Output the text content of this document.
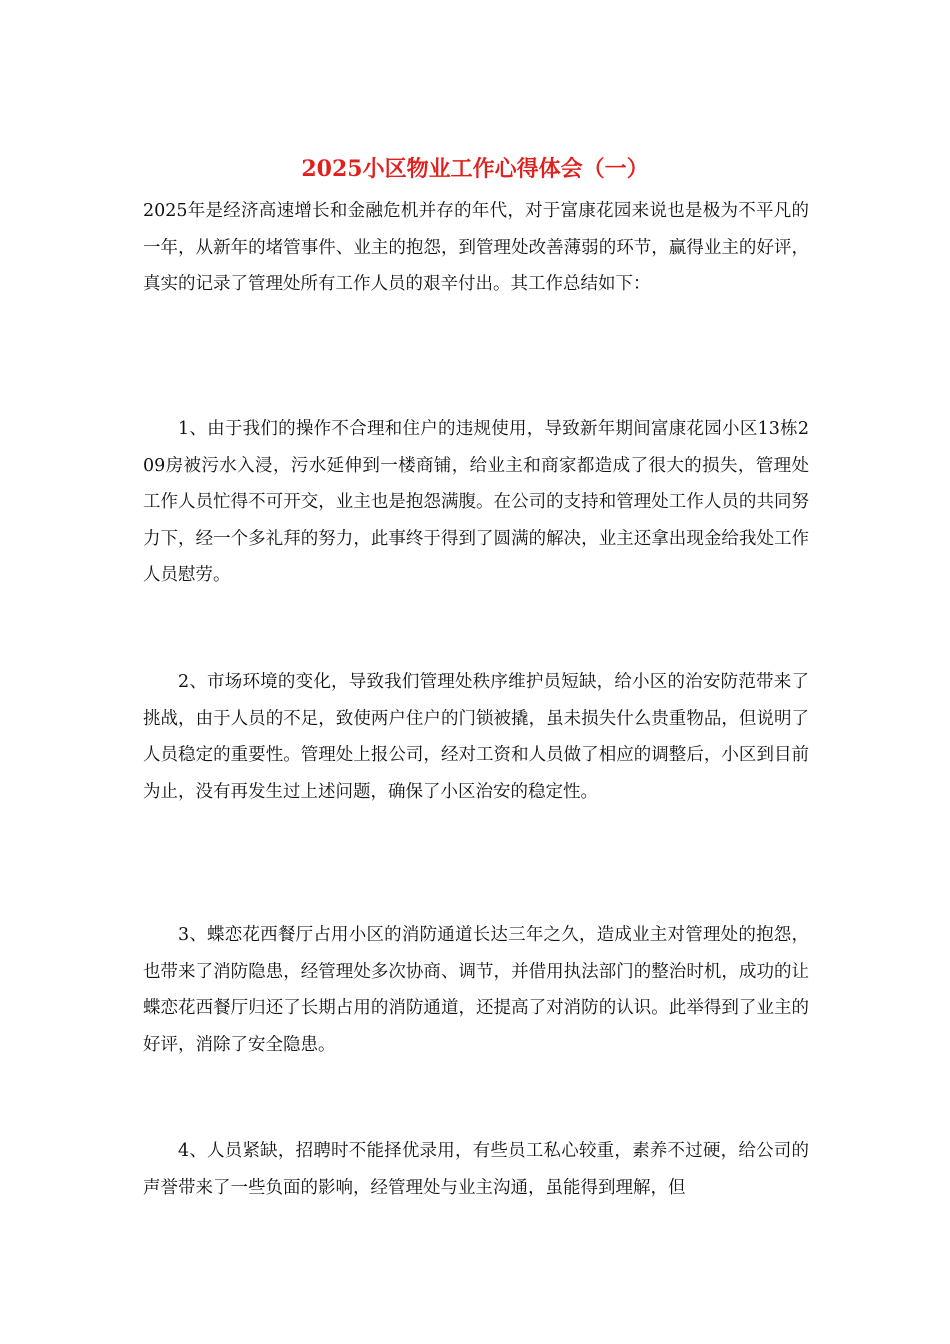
2025小区物业工作心得体会（一）

2025年是经济高速增长和金融危机并存的年代，对于富康花园来说也是极为不平凡的一年，从新年的堵管事件、业主的抱怨，到管理处改善薄弱的环节，赢得业主的好评，真实的记录了管理处所有工作人员的艰辛付出。其工作总结如下：

1、由于我们的操作不合理和住户的违规使用，导致新年期间富康花园小区13栋209房被污水入浸，污水延伸到一楼商铺，给业主和商家都造成了很大的损失，管理处工作人员忙得不可开交，业主也是抱怨满腹。在公司的支持和管理处工作人员的共同努力下，经一个多礼拜的努力，此事终于得到了圆满的解决，业主还拿出现金给我处工作人员慰劳。

2、市场环境的变化，导致我们管理处秩序维护员短缺，给小区的治安防范带来了挑战，由于人员的不足，致使两户住户的门锁被撬，虽未损失什么贵重物品，但说明了人员稳定的重要性。管理处上报公司，经对工资和人员做了相应的调整后，小区到目前为止，没有再发生过上述问题，确保了小区治安的稳定性。

3、蝶恋花西餐厅占用小区的消防通道长达三年之久，造成业主对管理处的抱怨，也带来了消防隐患，经管理处多次协商、调节，并借用执法部门的整治时机，成功的让蝶恋花西餐厅归还了长期占用的消防通道，还提高了对消防的认识。此举得到了业主的好评，消除了安全隐患。

4、人员紧缺，招聘时不能择优录用，有些员工私心较重，素养不过硬，给公司的声誉带来了一些负面的影响，经管理处与业主沟通，虽能得到理解，但
